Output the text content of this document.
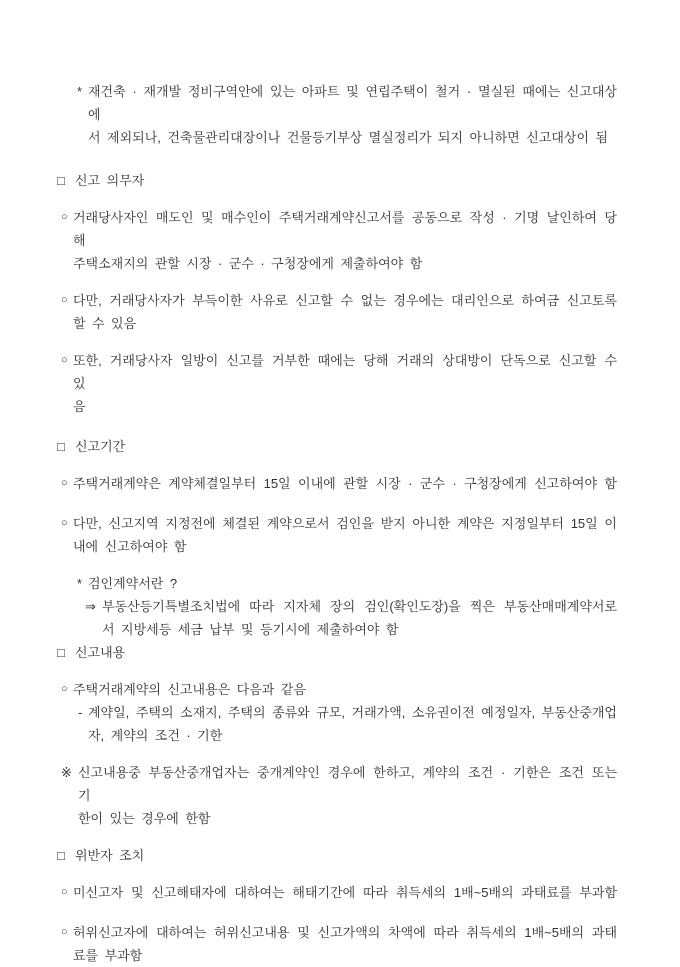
* 재건축 · 재개발 정비구역안에 있는 아파트 및 연립주택이 철거 · 멸실된 때에는 신고대상에
서 제외되나, 건축물관리대장이나 건물등기부상 멸실정리가 되지 아니하면 신고대상이 됨
□ 신고 의무자
○ 거래당사자인 매도인 및 매수인이 주택거래계약신고서를 공동으로 작성 · 기명 날인하여 당해
주택소재지의 관할 시장 · 군수 · 구청장에게 제출하여야 함
○ 다만, 거래당사자가 부득이한 사유로 신고할 수 없는 경우에는 대리인으로 하여금 신고토록
할 수 있음
○ 또한, 거래당사자 일방이 신고를 거부한 때에는 당해 거래의 상대방이 단독으로 신고할 수 있
음
□ 신고기간
○ 주택거래계약은 계약체결일부터 15일 이내에 관할 시장 · 군수 · 구청장에게 신고하여야 함
○ 다만, 신고지역 지정전에 체결된 계약으로서 검인을 받지 아니한 계약은 지정일부터 15일 이
내에 신고하여야 함
* 검인계약서란 ?
⇒ 부동산등기특별조치법에 따라 지자체 장의 검인(확인도장)을 찍은 부동산매매계약서로
서 지방세등 세금 납부 및 등기시에 제출하여야 함
□ 신고내용
○ 주택거래계약의 신고내용은 다음과 같음
- 계약일, 주택의 소재지, 주택의 종류와 규모, 거래가액, 소유권이전 예정일자, 부동산중개업
자, 계약의 조건 · 기한
※ 신고내용중 부동산중개업자는 중개계약인 경우에 한하고, 계약의 조건 · 기한은 조건 또는 기
한이 있는 경우에 한함
□ 위반자 조치
○ 미신고자 및 신고해태자에 대하여는 해태기간에 따라 취득세의 1배~5배의 과태료를 부과함
○ 허위신고자에 대하여는 허위신고내용 및 신고가액의 차액에 따라 취득세의 1배~5배의 과태
료를 부과함
